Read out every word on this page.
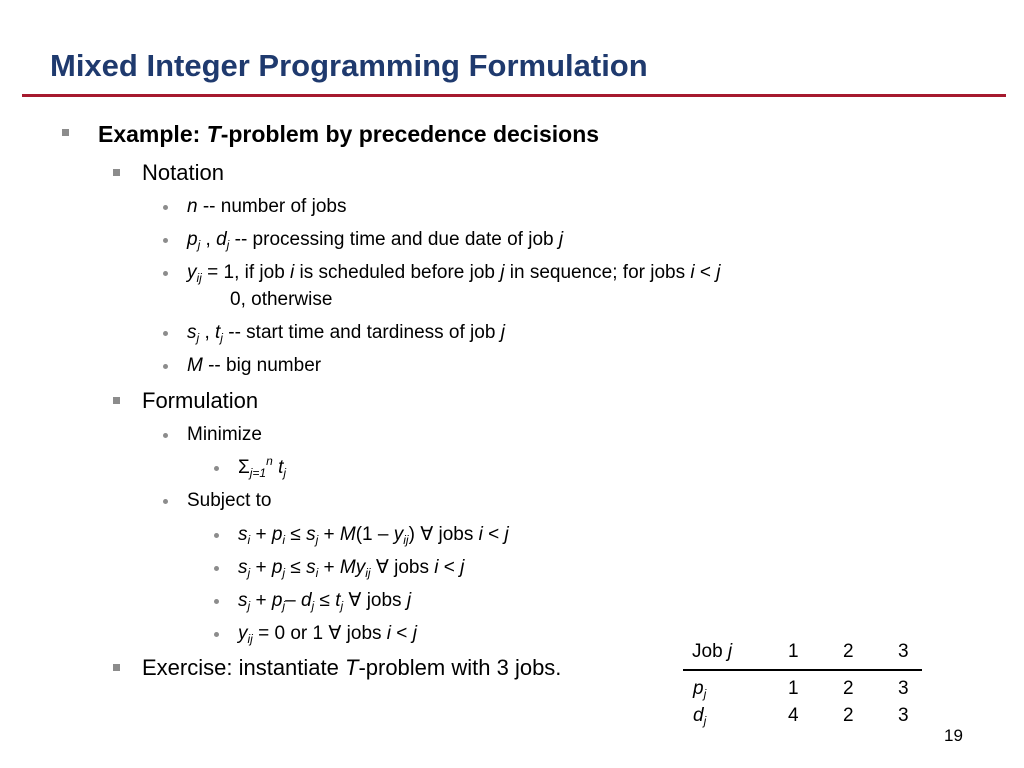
Mixed Integer Programming Formulation
Example: T-problem by precedence decisions
Notation
n -- number of jobs
$p_j$ , $d_j$ -- processing time and due date of job j
$y_{ij} = 1$, if job i is scheduled before job j in sequence; for jobs i < j
0, otherwise
$s_j$ , $t_j$ -- start time and tardiness of job j
M -- big number
Formulation
Minimize
$\Sigma_{j=1}^n$ $t_j$
Subject to
$s_i + p_i \le s_j + M(1 - y_{ij})$ ∀ jobs i < j
$s_j + p_j \le s_i + My_{ij}$ ∀ jobs i < j
$s_j + p_j-$ $d_j \le t_j$ ∀ jobs j
$y_{ij} = 0$ or 1 ∀ jobs i < j
Exercise: instantiate T-problem with 3 jobs.
Job j	1 2 3
$p_j$	1 2 3
$d_j$	4 2 3
19
